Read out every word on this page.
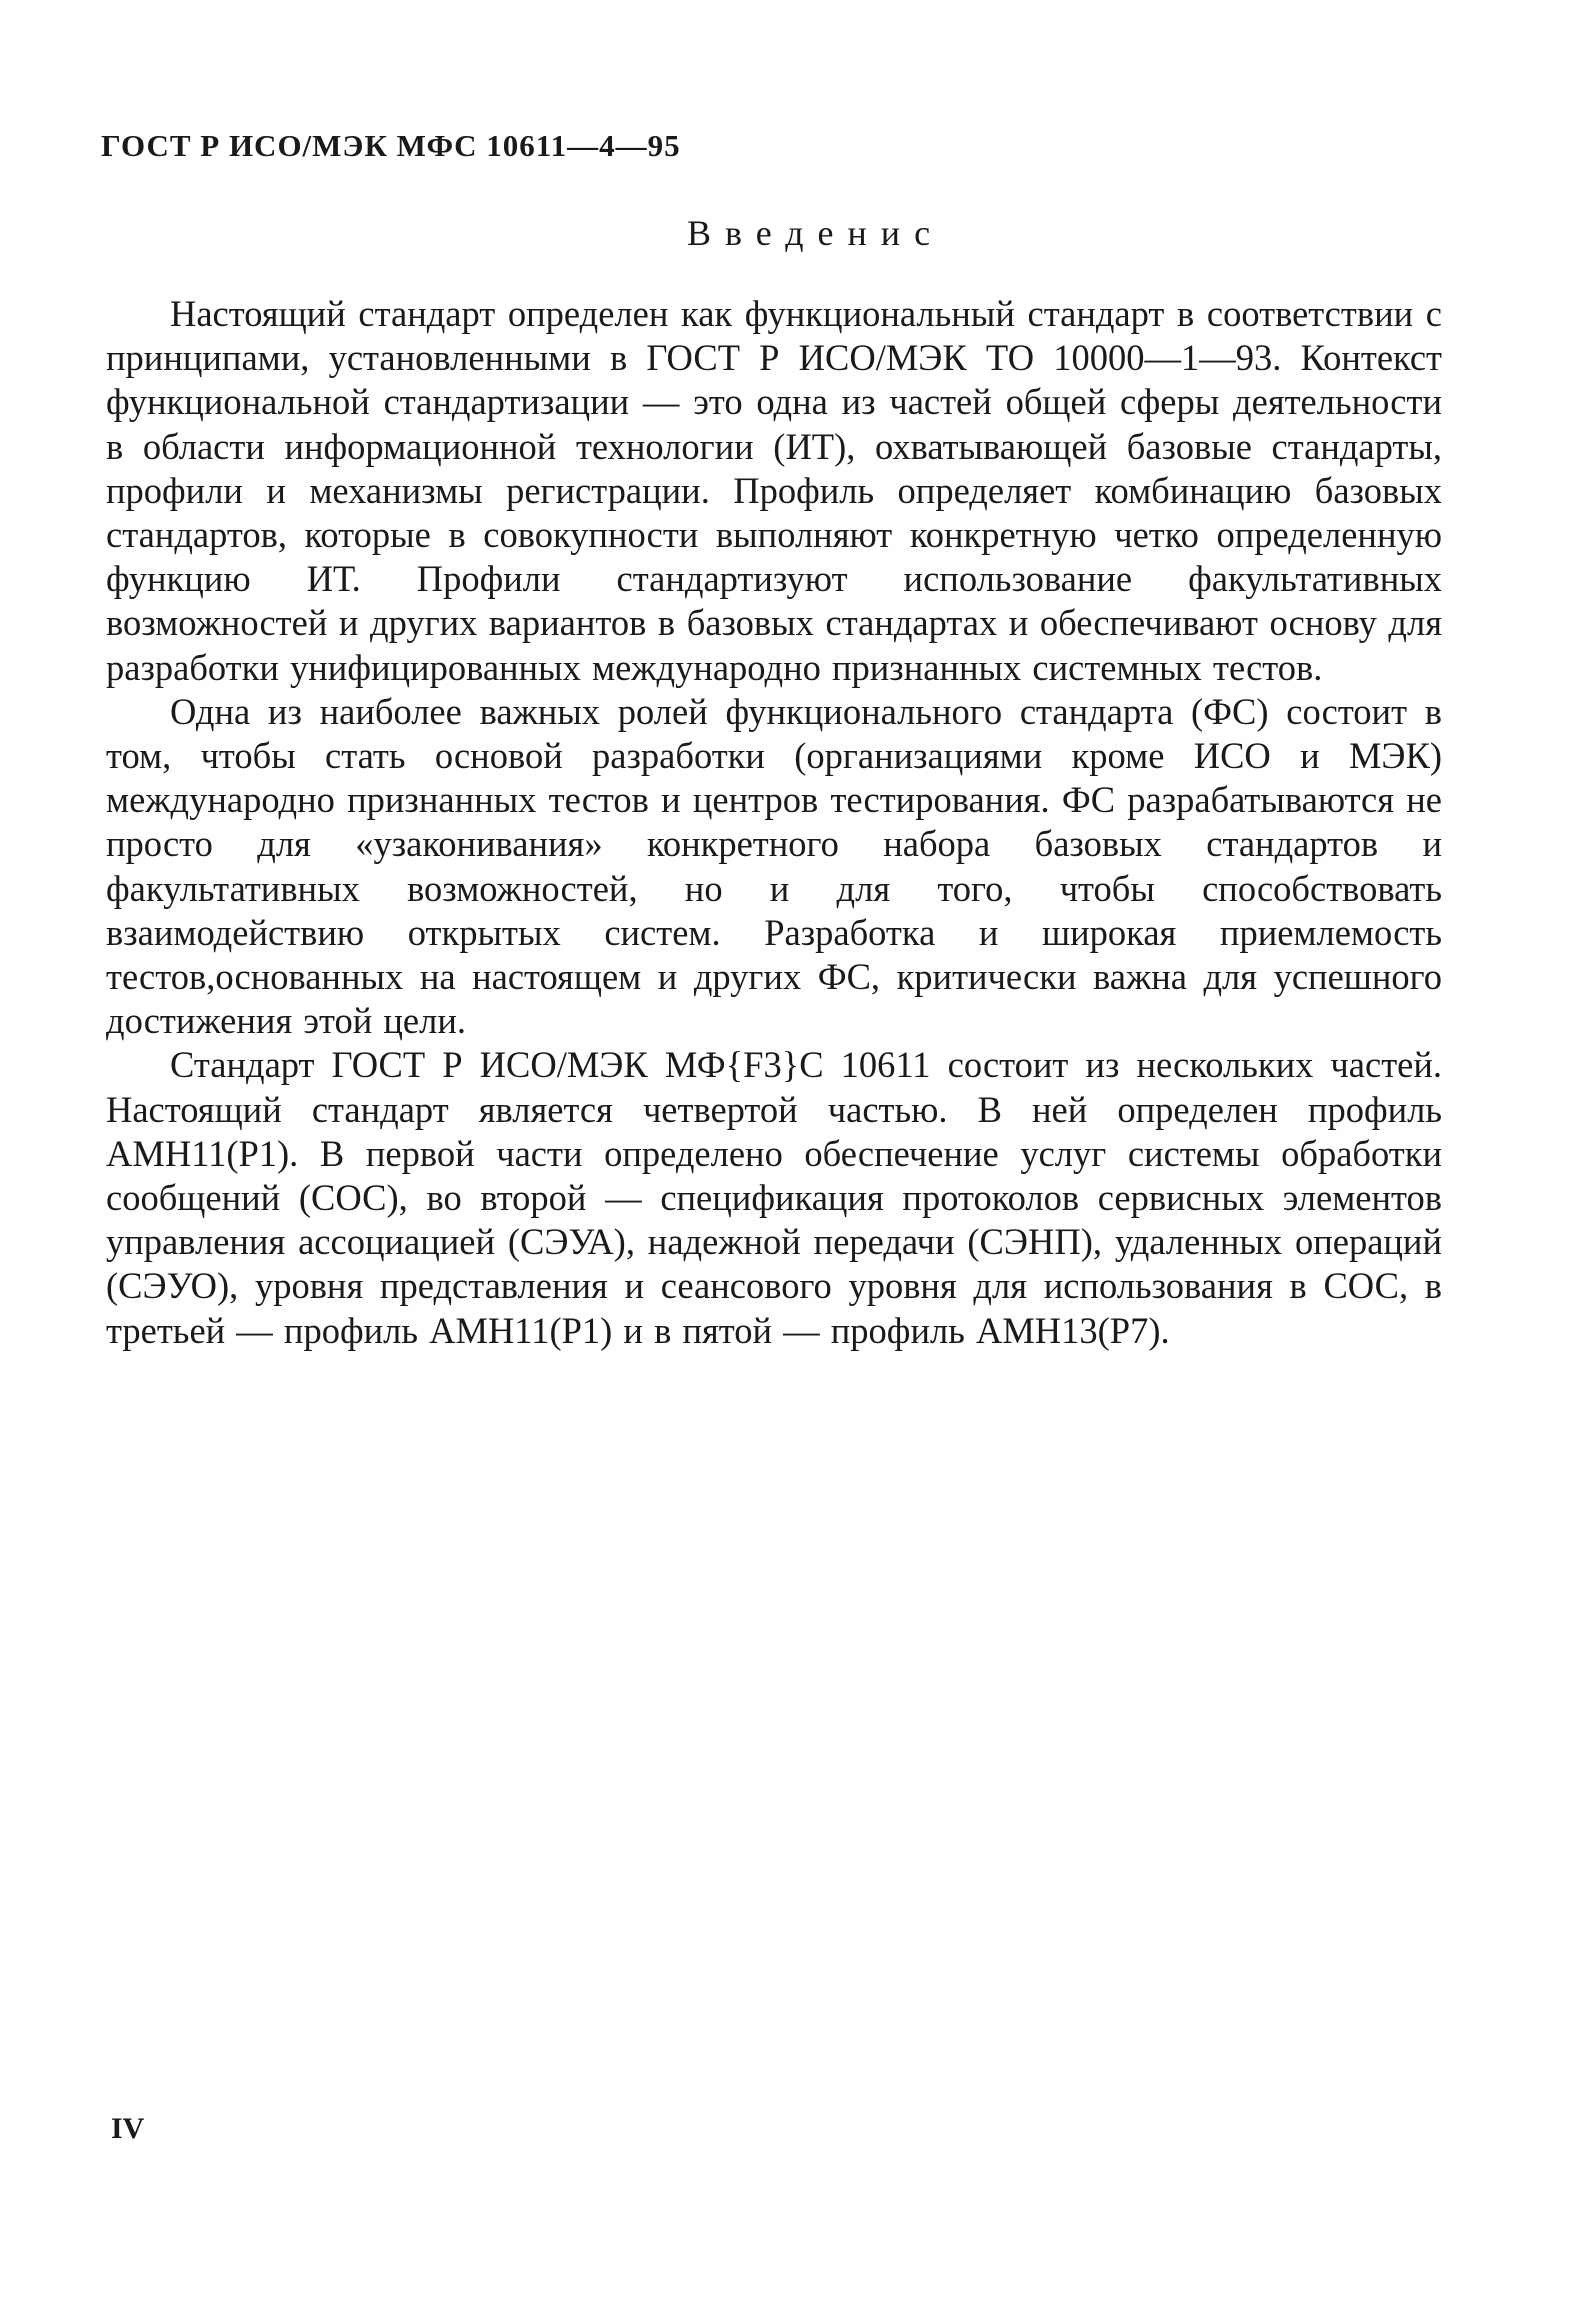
ГОСТ Р ИСО/МЭК МФС 10611—4—95
Введенис

Настоящий стандарт определен как функциональный стандарт в соответствии с принципами, установленными в ГОСТ Р ИСО/МЭК ТО 10000—1—93. Контекст функциональной стандартизации — это одна из частей общей сферы деятельности в области информационной технологии (ИТ), охватывающей базовые стандарты, профили и механизмы регистрации. Профиль определяет комбинацию базовых стандартов, которые в совокупности выполняют конкретную четко определенную функцию ИТ. Профили стандартизуют использование факультативных возможностей и других вариантов в базовых стандартах и обеспечивают основу для разработки унифицированных международно признанных системных тестов.

Одна из наиболее важных ролей функционального стандарта (ФС) состоит в том, чтобы стать основой разработки (организациями кроме ИСО и МЭК) международно признанных тестов и центров тестирования. ФС разрабатываются не просто для «узаконивания» конкретного набора базовых стандартов и факультативных возможностей, но и для того, чтобы способствовать взаимодействию открытых систем. Разработка и широкая приемлемость тестов,основанных на настоящем и других ФС, критически важна для успешного достижения этой цели.

Стандарт ГОСТ Р ИСО/МЭК МФ{F3}С 10611 состоит из нескольких частей. Настоящий стандарт является четвертой частью. В ней определен профиль AMH11(P1). В первой части определено обеспечение услуг системы обработки сообщений (СОС), во второй — спецификация протоколов сервисных элементов управления ассоциацией (СЭУА), надежной передачи (СЭНП), удаленных операций (СЭУО), уровня представления и сеансового уровня для использования в СОС, в третьей — профиль AMH11(P1) и в пятой — профиль AMH13(P7).

IV
